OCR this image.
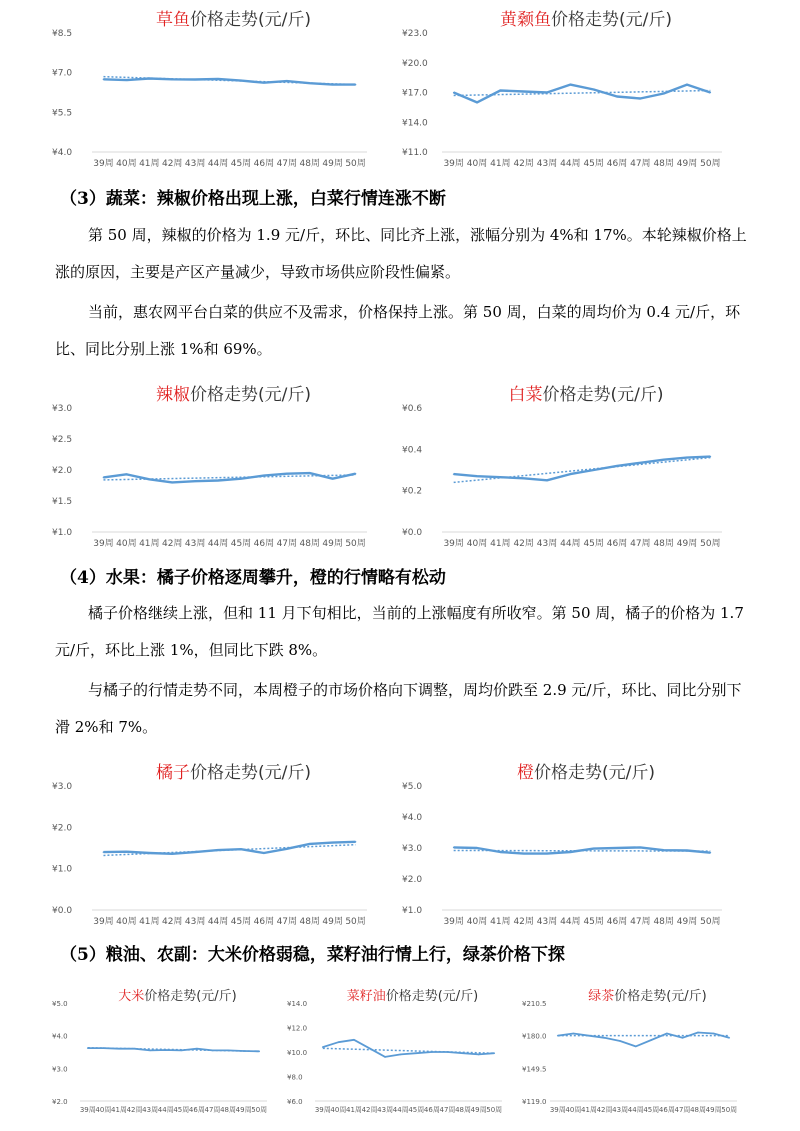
草鱼价格走势(元/斤)
¥4.0
¥5.5
¥7.0
¥8.5
39周 40周 41周 42周 43周 44周 45周 46周 47周 48周 49周 50周
黄颡鱼价格走势(元/斤)
¥11.0
¥14.0
¥17.0
¥20.0
¥23.0
39周 40周 41周 42周 43周 44周 45周 46周 47周 48周 49周 50周
（3）蔬菜：辣椒价格出现上涨，白菜行情连涨不断
第 50 周，辣椒的价格为 1.9 元/斤，环比、同比齐上涨，涨幅分别为 4%和 17%。本轮辣椒价格上涨的原因，主要是产区产量减少，导致市场供应阶段性偏紧。
当前，惠农网平台白菜的供应不及需求，价格保持上涨。第 50 周，白菜的周均价为 0.4 元/斤，环比、同比分别上涨 1%和 69%。
辣椒价格走势(元/斤)
¥1.0
¥1.5
¥2.0
¥2.5
¥3.0
39周 40周 41周 42周 43周 44周 45周 46周 47周 48周 49周 50周
白菜价格走势(元/斤)
¥0.0
¥0.2
¥0.4
¥0.6
39周 40周 41周 42周 43周 44周 45周 46周 47周 48周 49周 50周
（4）水果：橘子价格逐周攀升，橙的行情略有松动
橘子价格继续上涨，但和 11 月下旬相比，当前的上涨幅度有所收窄。第 50 周，橘子的价格为 1.7 元/斤，环比上涨 1%，但同比下跌 8%。
与橘子的行情走势不同，本周橙子的市场价格向下调整，周均价跌至 2.9 元/斤，环比、同比分别下滑 2%和 7%。
橘子价格走势(元/斤)
¥0.0
¥1.0
¥2.0
¥3.0
39周 40周 41周 42周 43周 44周 45周 46周 47周 48周 49周 50周
橙价格走势(元/斤)
¥1.0
¥2.0
¥3.0
¥4.0
¥5.0
39周 40周 41周 42周 43周 44周 45周 46周 47周 48周 49周 50周
（5）粮油、农副：大米价格弱稳，菜籽油行情上行，绿茶价格下探
大米价格走势(元/斤)
¥2.0
¥3.0
¥4.0
¥5.0
39周 40周 41周 42周 43周 44周 45周 46周 47周 48周 49周 50周
菜籽油价格走势(元/斤)
¥6.0
¥8.0
¥10.0
¥12.0
¥14.0
39周 40周 41周 42周 43周 44周 45周 46周 47周 48周 49周 50周
绿茶价格走势(元/斤)
¥119.0
¥149.5
¥180.0
¥210.5
39周 40周 41周 42周 43周 44周 45周 46周 47周 48周 49周 50周
